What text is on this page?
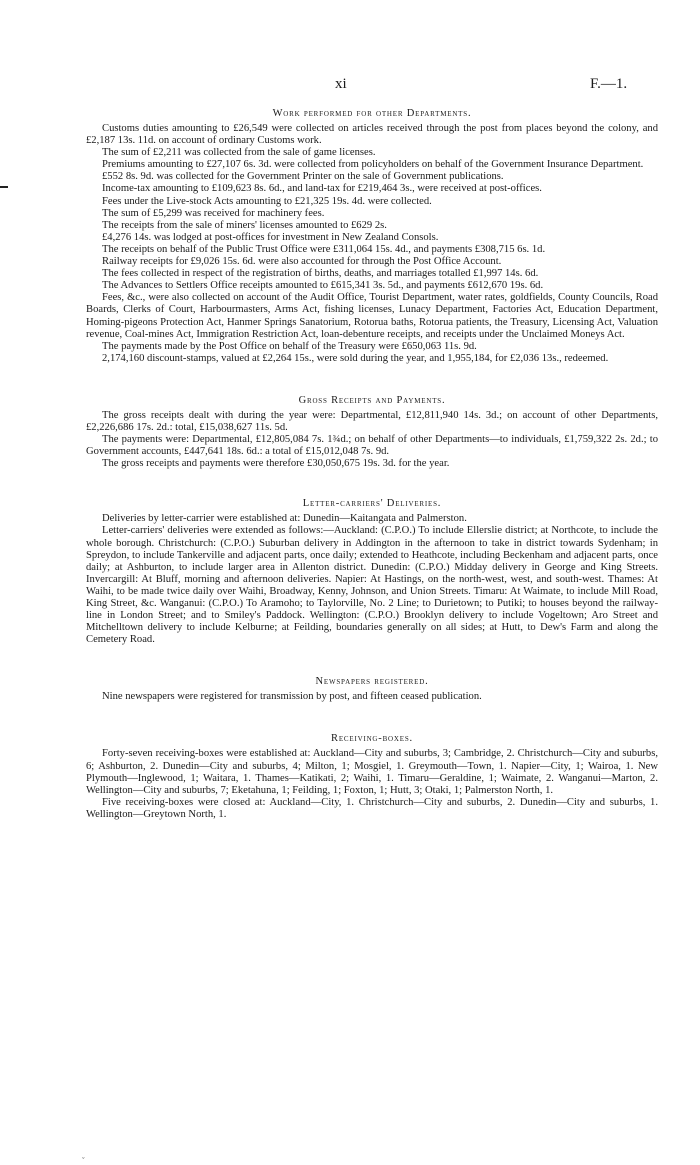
xi	F.—1.
Work performed for other Departments.

Customs duties amounting to £26,549 were collected on articles received through the post from places beyond the colony, and £2,187 13s. 11d. on account of ordinary Customs work.

The sum of £2,211 was collected from the sale of game licenses.

Premiums amounting to £27,107 6s. 3d. were collected from policyholders on behalf of the Government Insurance Department.

£552 8s. 9d. was collected for the Government Printer on the sale of Government publications.

Income-tax amounting to £109,623 8s. 6d., and land-tax for £219,464 3s., were received at post-offices.

Fees under the Live-stock Acts amounting to £21,325 19s. 4d. were collected.

The sum of £5,299 was received for machinery fees.

The receipts from the sale of miners' licenses amounted to £629 2s.

£4,276 14s. was lodged at post-offices for investment in New Zealand Consols.

The receipts on behalf of the Public Trust Office were £311,064 15s. 4d., and payments £308,715 6s. 1d.

Railway receipts for £9,026 15s. 6d. were also accounted for through the Post Office Account.

The fees collected in respect of the registration of births, deaths, and marriages totalled £1,997 14s. 6d.

The Advances to Settlers Office receipts amounted to £615,341 3s. 5d., and payments £612,670 19s. 6d.

Fees, &c., were also collected on account of the Audit Office, Tourist Department, water rates, goldfields, County Councils, Road Boards, Clerks of Court, Harbourmasters, Arms Act, fishing licenses, Lunacy Department, Factories Act, Education Department, Homing-pigeons Protection Act, Hanmer Springs Sanatorium, Rotorua baths, Rotorua patients, the Treasury, Licensing Act, Valuation revenue, Coal-mines Act, Immigration Restriction Act, loan-debenture receipts, and receipts under the Unclaimed Moneys Act.

The payments made by the Post Office on behalf of the Treasury were £650,063 11s. 9d.

2,174,160 discount-stamps, valued at £2,264 15s., were sold during the year, and 1,955,184, for £2,036 13s., redeemed.

Gross Receipts and Payments.

The gross receipts dealt with during the year were: Departmental, £12,811,940 14s. 3d.; on account of other Departments, £2,226,686 17s. 2d.: total, £15,038,627 11s. 5d.

The payments were: Departmental, £12,805,084 7s. 1¾d.; on behalf of other Departments—to individuals, £1,759,322 2s. 2d.; to Government accounts, £447,641 18s. 6d.: a total of £15,012,048 7s. 9d.

The gross receipts and payments were therefore £30,050,675 19s. 3d. for the year.

Letter-carriers' Deliveries.

Deliveries by letter-carrier were established at: Dunedin—Kaitangata and Palmerston.

Letter-carriers' deliveries were extended as follows:—Auckland: (C.P.O.) To include Ellerslie district; at Northcote, to include the whole borough. Christchurch: (C.P.O.) Suburban delivery in Addington in the afternoon to take in district towards Sydenham; in Spreydon, to include Tankerville and adjacent parts, once daily; extended to Heathcote, including Beckenham and adjacent parts, once daily; at Ashburton, to include larger area in Allenton district. Dunedin: (C.P.O.) Midday delivery in George and King Streets. Invercargill: At Bluff, morning and afternoon deliveries. Napier: At Hastings, on the north-west, west, and south-west. Thames: At Waihi, to be made twice daily over Waihi, Broadway, Kenny, Johnson, and Union Streets. Timaru: At Waimate, to include Mill Road, King Street, &c. Wanganui: (C.P.O.) To Aramoho; to Taylorville, No. 2 Line; to Durietown; to Putiki; to houses beyond the railway-line in London Street; and to Smiley's Paddock. Wellington: (C.P.O.) Brooklyn delivery to include Vogeltown; Aro Street and Mitchelltown delivery to include Kelburne; at Feilding, boundaries generally on all sides; at Hutt, to Dew's Farm and along the Cemetery Road.

Newspapers registered.

Nine newspapers were registered for transmission by post, and fifteen ceased publication.

Receiving-boxes.

Forty-seven receiving-boxes were established at: Auckland—City and suburbs, 3; Cambridge, 2. Christchurch—City and suburbs, 6; Ashburton, 2. Dunedin—City and suburbs, 4; Milton, 1; Mosgiel, 1. Greymouth—Town, 1. Napier—City, 1; Wairoa, 1. New Plymouth—Inglewood, 1; Waitara, 1. Thames—Katikati, 2; Waihi, 1. Timaru—Geraldine, 1; Waimate, 2. Wanganui—Marton, 2. Wellington—City and suburbs, 7; Eketahuna, 1; Feilding, 1; Foxton, 1; Hutt, 3; Otaki, 1; Palmerston North, 1.

Five receiving-boxes were closed at: Auckland—City, 1. Christchurch—City and suburbs, 2. Dunedin—City and suburbs, 1. Wellington—Greytown North, 1.

ˇ
